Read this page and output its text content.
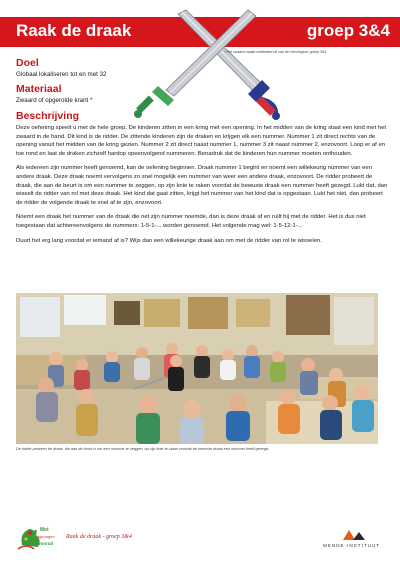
Raak de draak	groep 3&4
* Het zwaard maakt onderdeel uit van de Verveligbox groep 3&4
Doel
Globaal lokaliseren tot en met 32
Materiaal
Zwaard of opgerolde krant *
Beschrijving

Deze oefening speelt u met de hele groep. De kinderen zitten in een kring met een opening. In het midden van de kring staat een kind met het zwaard in de hand. Dit kind is de ridder. De zittende kinderen zijn de draken en krijgen elk een nummer. Nummer 1 zit direct rechts van de opening vanuit het midden van de kring gezien. Nummer 2 zit direct naast nummer 1, nummer 3 zit naast nummer 2, enzovoort. Loop er af en toe rond en laat de draken zichzelf hardop opeenvolgend nummeren. Benadruk dat de kinderen hun nummer moeten onthouden.

Als iedereen zijn nummer heeft genoemd, kan de oefening beginnen. Draak nummer 1 begint en noemt een willekeurig nummer van een andere draak. Deze draak noemt vervolgens zo snel mogelijk een nummer van weer een andere draak, enzovoort. De ridder probeert de draak, die aan de beurt is om een nummer te zeggen, op zijn knie te raken voordat de bewuste draak een nummer heeft gezegd. Lukt dat, dan wisselt de ridder van rol met deze draak. Het kind dat gaat zitten, krijgt het nummer van het kind dat is opgestaan. Lukt het niet, dan probeert de ridder de volgende draak te snel af te zijn, enzovoort.

Noemt een draak het nummer van de draak die net zijn nummer noemde, dan is deze draak af en ruilt hij met de ridder. Het is dus niet toegestaan dat achtereenvolgens de nummers: 1-5-1-... worden genoemd. Het volgende mag wel: 1-5-12-1-...

Duurt het erg lang voordat er iemand af is? Wijs dan een willekeurige draak aan om met de ridder van rol te wisselen.

De ridder probeert de draak, die aan de beurt is om een nummer te zeggen, op zijn knie te slaan voordat de bewuste draak een nummer heeft gezegd.
Met
sprongen
vooruit
Raak de draak - groep 3&4
MENNE·INSTITUUT
